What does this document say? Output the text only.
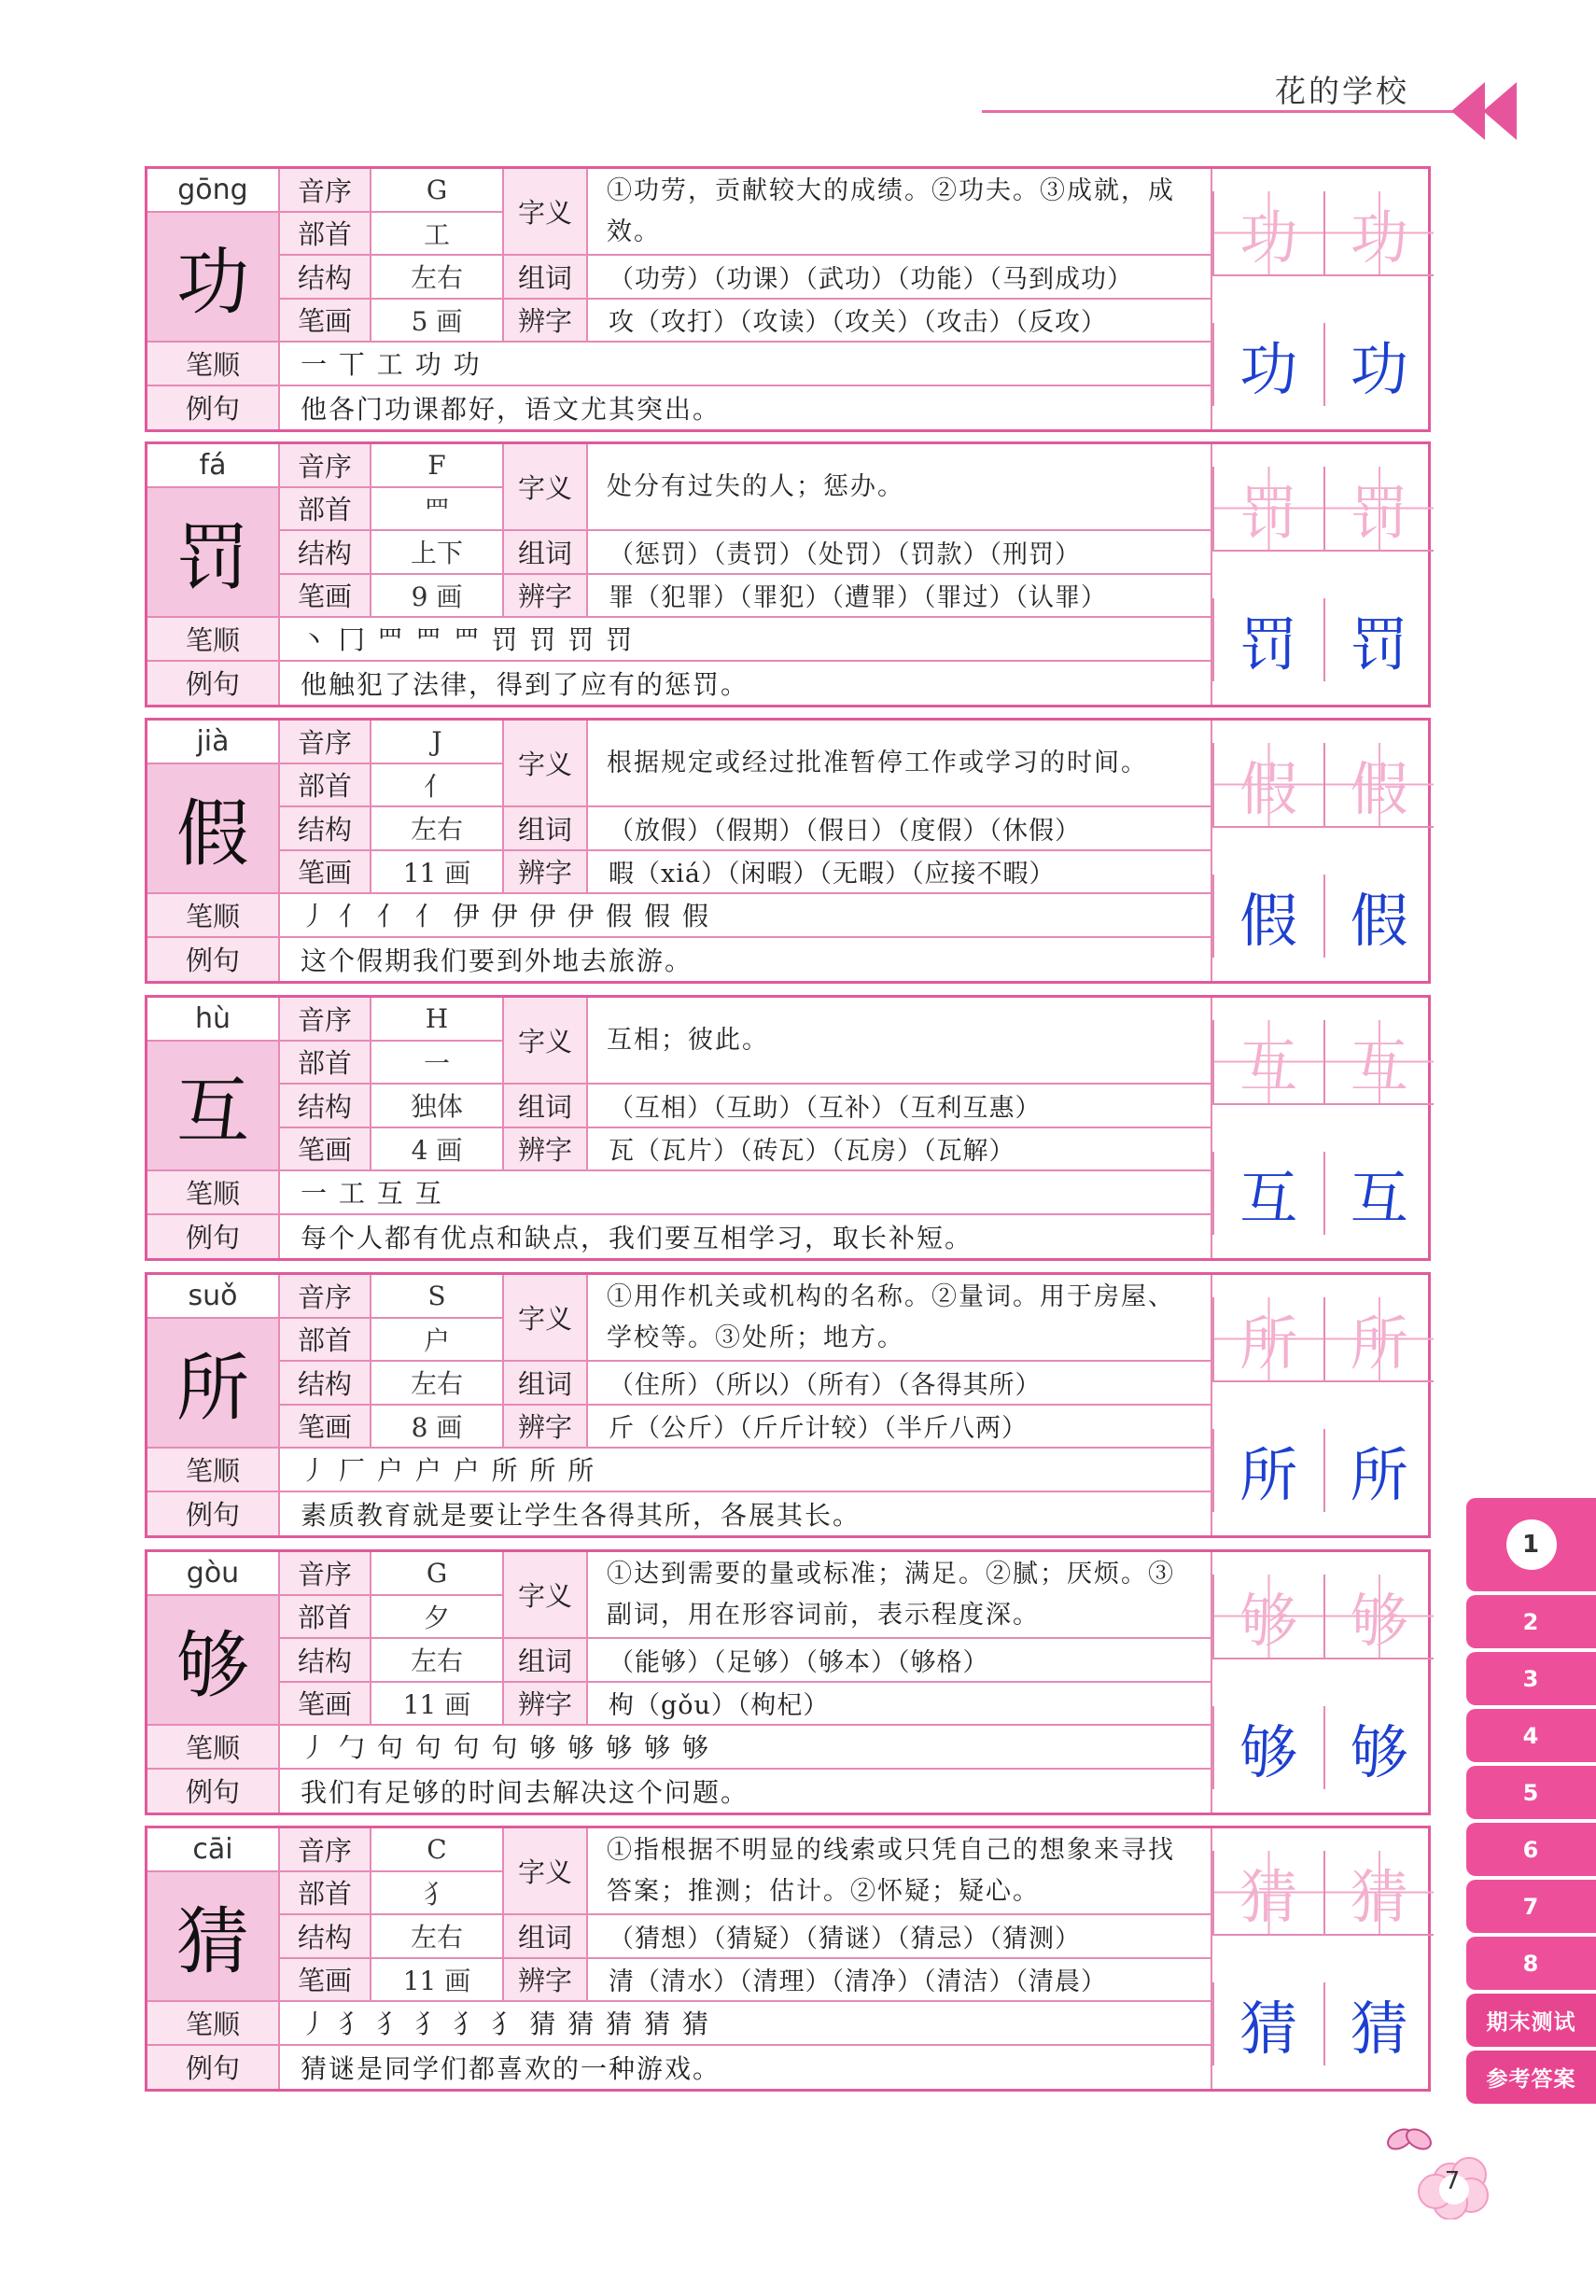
花的学校
gōng
功
音序	G
部首	工
结构	左右
笔画	5 画
字义
①功劳，贡献较大的成绩。②功夫。③成就，成效。
组词	（功劳）（功课）（武功）（功能）（马到成功）
辨字	攻（攻打）（攻读）（攻关）（攻击）（反攻）
笔顺	一 丅 工 功 功
例句	他各门功课都好，语文尤其突出。
功 功
功 功
fá
罚
音序	F
部首	罒
结构	上下
笔画	9 画
字义	处分有过失的人；惩办。
组词	（惩罚）（责罚）（处罚）（罚款）（刑罚）
辨字	罪（犯罪）（罪犯）（遭罪）（罪过）（认罪）
笔顺	丶 冂 罒 罒 罒 罚 罚 罚 罚
例句	他触犯了法律，得到了应有的惩罚。
罚 罚
罚 罚
jià
假
音序	J
部首	亻
结构	左右
笔画	11 画
字义	根据规定或经过批准暂停工作或学习的时间。
组词	（放假）（假期）（假日）（度假）（休假）
辨字	暇（xiá）（闲暇）（无暇）（应接不暇）
笔顺	丿 亻 亻 亻 伊 伊 伊 伊 假 假 假
例句	这个假期我们要到外地去旅游。
假 假
假 假
hù
互
音序	H
部首	一
结构	独体
笔画	4 画
字义	互相；彼此。
组词	（互相）（互助）（互补）（互利互惠）
辨字	瓦（瓦片）（砖瓦）（瓦房）（瓦解）
笔顺	一 工 互 互
例句	每个人都有优点和缺点，我们要互相学习，取长补短。
互 互
互 互
suǒ
所
音序	S
部首	户
结构	左右
笔画	8 画
字义
①用作机关或机构的名称。②量词。用于房屋、学校等。③处所；地方。
组词	（住所）（所以）（所有）（各得其所）
辨字	斤（公斤）（斤斤计较）（半斤八两）
笔顺	丿 厂 户 户 户 所 所 所
例句	素质教育就是要让学生各得其所，各展其长。
所 所
所 所
gòu
够
音序	G
部首	夕
结构	左右
笔画	11 画
字义
①达到需要的量或标准；满足。②腻；厌烦。③副词，用在形容词前，表示程度深。
组词	（能够）（足够）（够本）（够格）
辨字	枸（gǒu）（枸杞）
笔顺	丿 勹 句 句 句 句 够 够 够 够 够
例句	我们有足够的时间去解决这个问题。
够 够
够 够
cāi
猜
音序	C
部首	犭
结构	左右
笔画	11 画
字义
①指根据不明显的线索或只凭自己的想象来寻找答案；推测；估计。②怀疑；疑心。
组词	（猜想）（猜疑）（猜谜）（猜忌）（猜测）
辨字	清（清水）（清理）（清净）（清洁）（清晨）
笔顺	丿 犭 犭 犭 犭 犭 猜 猜 猜 猜 猜
例句	猜谜是同学们都喜欢的一种游戏。
猜 猜
猜 猜
1
2
3
4
5
6
7
8
期末测试
参考答案
7
